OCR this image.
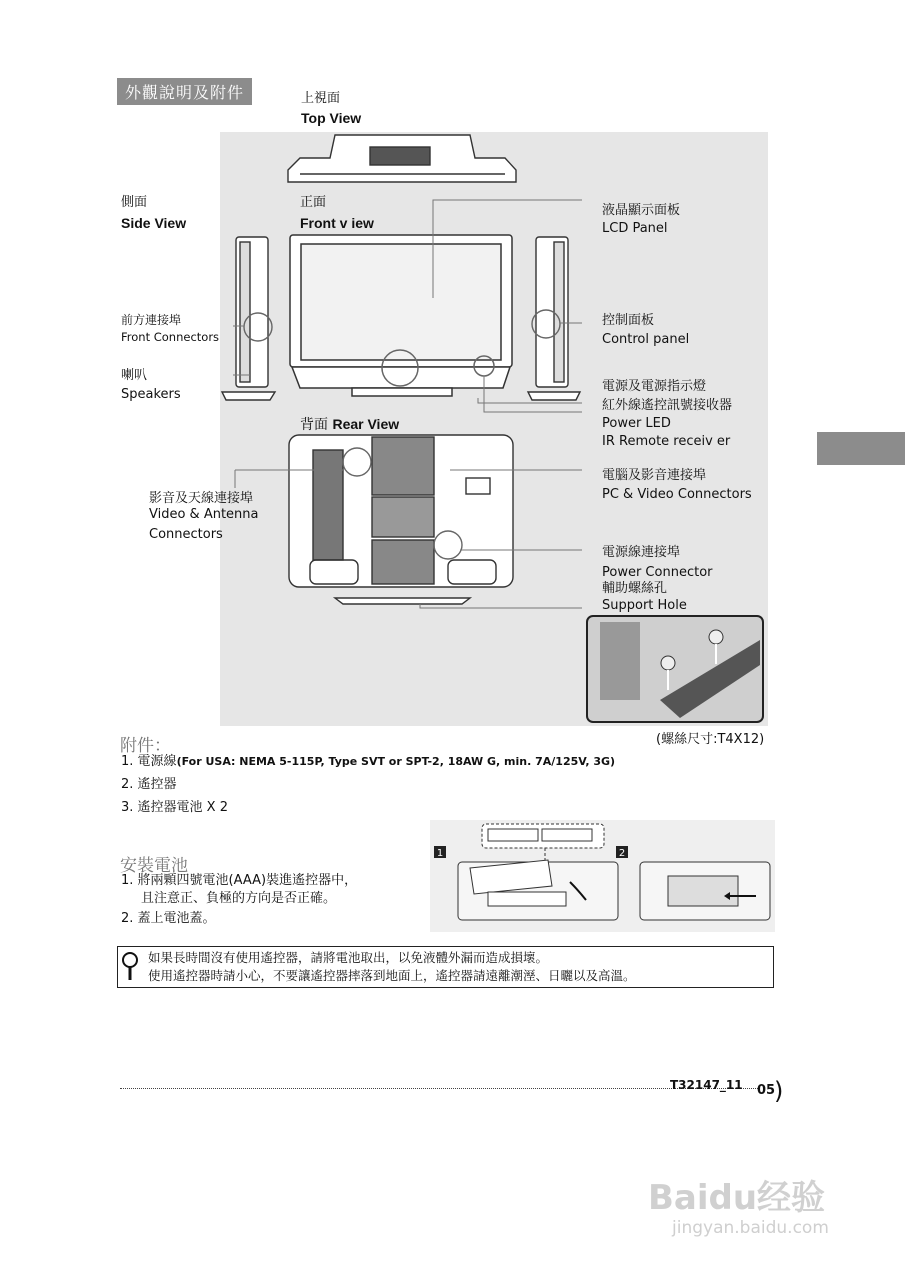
外觀說明及附件	上視面
Top View
側面
Side View
正面
Front v iew
背面 Rear View
液晶顯示面板
LCD Panel
控制面板
Control panel
電源及電源指示燈
紅外線遙控訊號接收器
Power LED
IR Remote receiv er
電腦及影音連接埠
PC & Video Connectors
電源線連接埠
Power Connector
輔助螺絲孔
Support Hole
(螺絲尺寸:T4X12)
前方連接埠
Front Connectors
喇叭
Speakers
影音及天線連接埠
Video & Antenna
Connectors
附件：
1. 電源線(For USA: NEMA 5-115P, Type SVT or SPT-2, 18AW G, min. 7A/125V, 3G)
2. 遙控器
3. 遙控器電池 X 2
安裝電池
1. 將兩顆四號電池(AAA)裝進遙控器中，
且注意正、負極的方向是否正確。
2. 蓋上電池蓋。
1	2
如果長時間沒有使用遙控器，請將電池取出，以免液體外漏而造成損壞。
使用遙控器時請小心，不要讓遙控器摔落到地面上，遙控器請遠離潮溼、日曬以及高溫。
T32147_11 05
)
Baidu经验
jingyan.baidu.com
